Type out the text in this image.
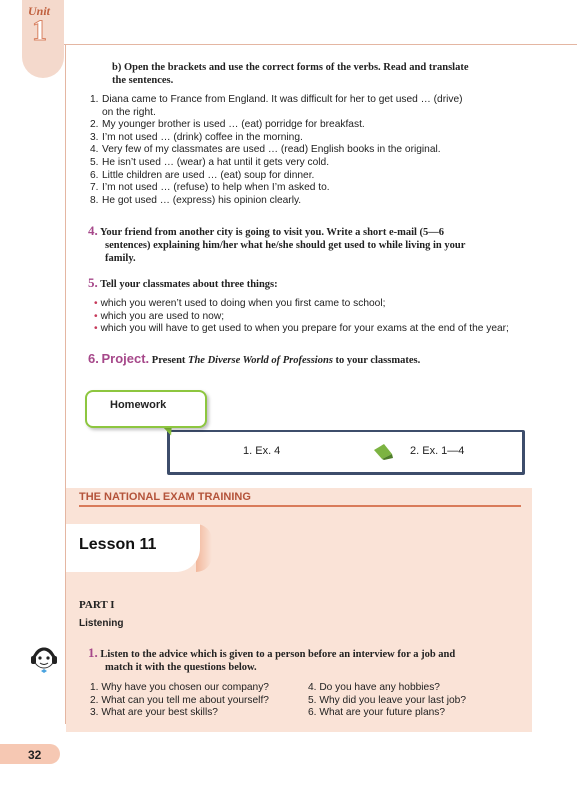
Unit
1
b) Open the brackets and use the correct forms of the verbs. Read and translate
the sentences.
1. Diana came to France from England. It was difficult for her to get used … (drive)
on the right.
2. My younger brother is used … (eat) porridge for breakfast.
3. I’m not used … (drink) coffee in the morning.
4. Very few of my classmates are used … (read) English books in the original.
5. He isn’t used … (wear) a hat until it gets very cold.
6. Little children are used … (eat) soup for dinner.
7. I’m not used … (refuse) to help when I’m asked to.
8. He got used … (express) his opinion clearly.
4. Your friend from another city is going to visit you. Write a short e-mail (5—6
sentences) explaining him/her what he/she should get used to while living in your
family.
5. Tell your classmates about three things:
• which you weren’t used to doing when you first came to school;
• which you are used to now;
• which you will have to get used to when you prepare for your exams at the end of the year;
6. Project. Present The Diverse World of Professions to your classmates.
Homework
1. Ex. 4	2. Ex. 1—4
THE NATIONAL EXAM TRAINING
Lesson 11
PART I
Listening
1. Listen to the advice which is given to a person before an interview for a job and
match it with the questions below.
1. Why have you chosen our company?
2. What can you tell me about yourself?
3. What are your best skills?
4. Do you have any hobbies?
5. Why did you leave your last job?
6. What are your future plans?
32
